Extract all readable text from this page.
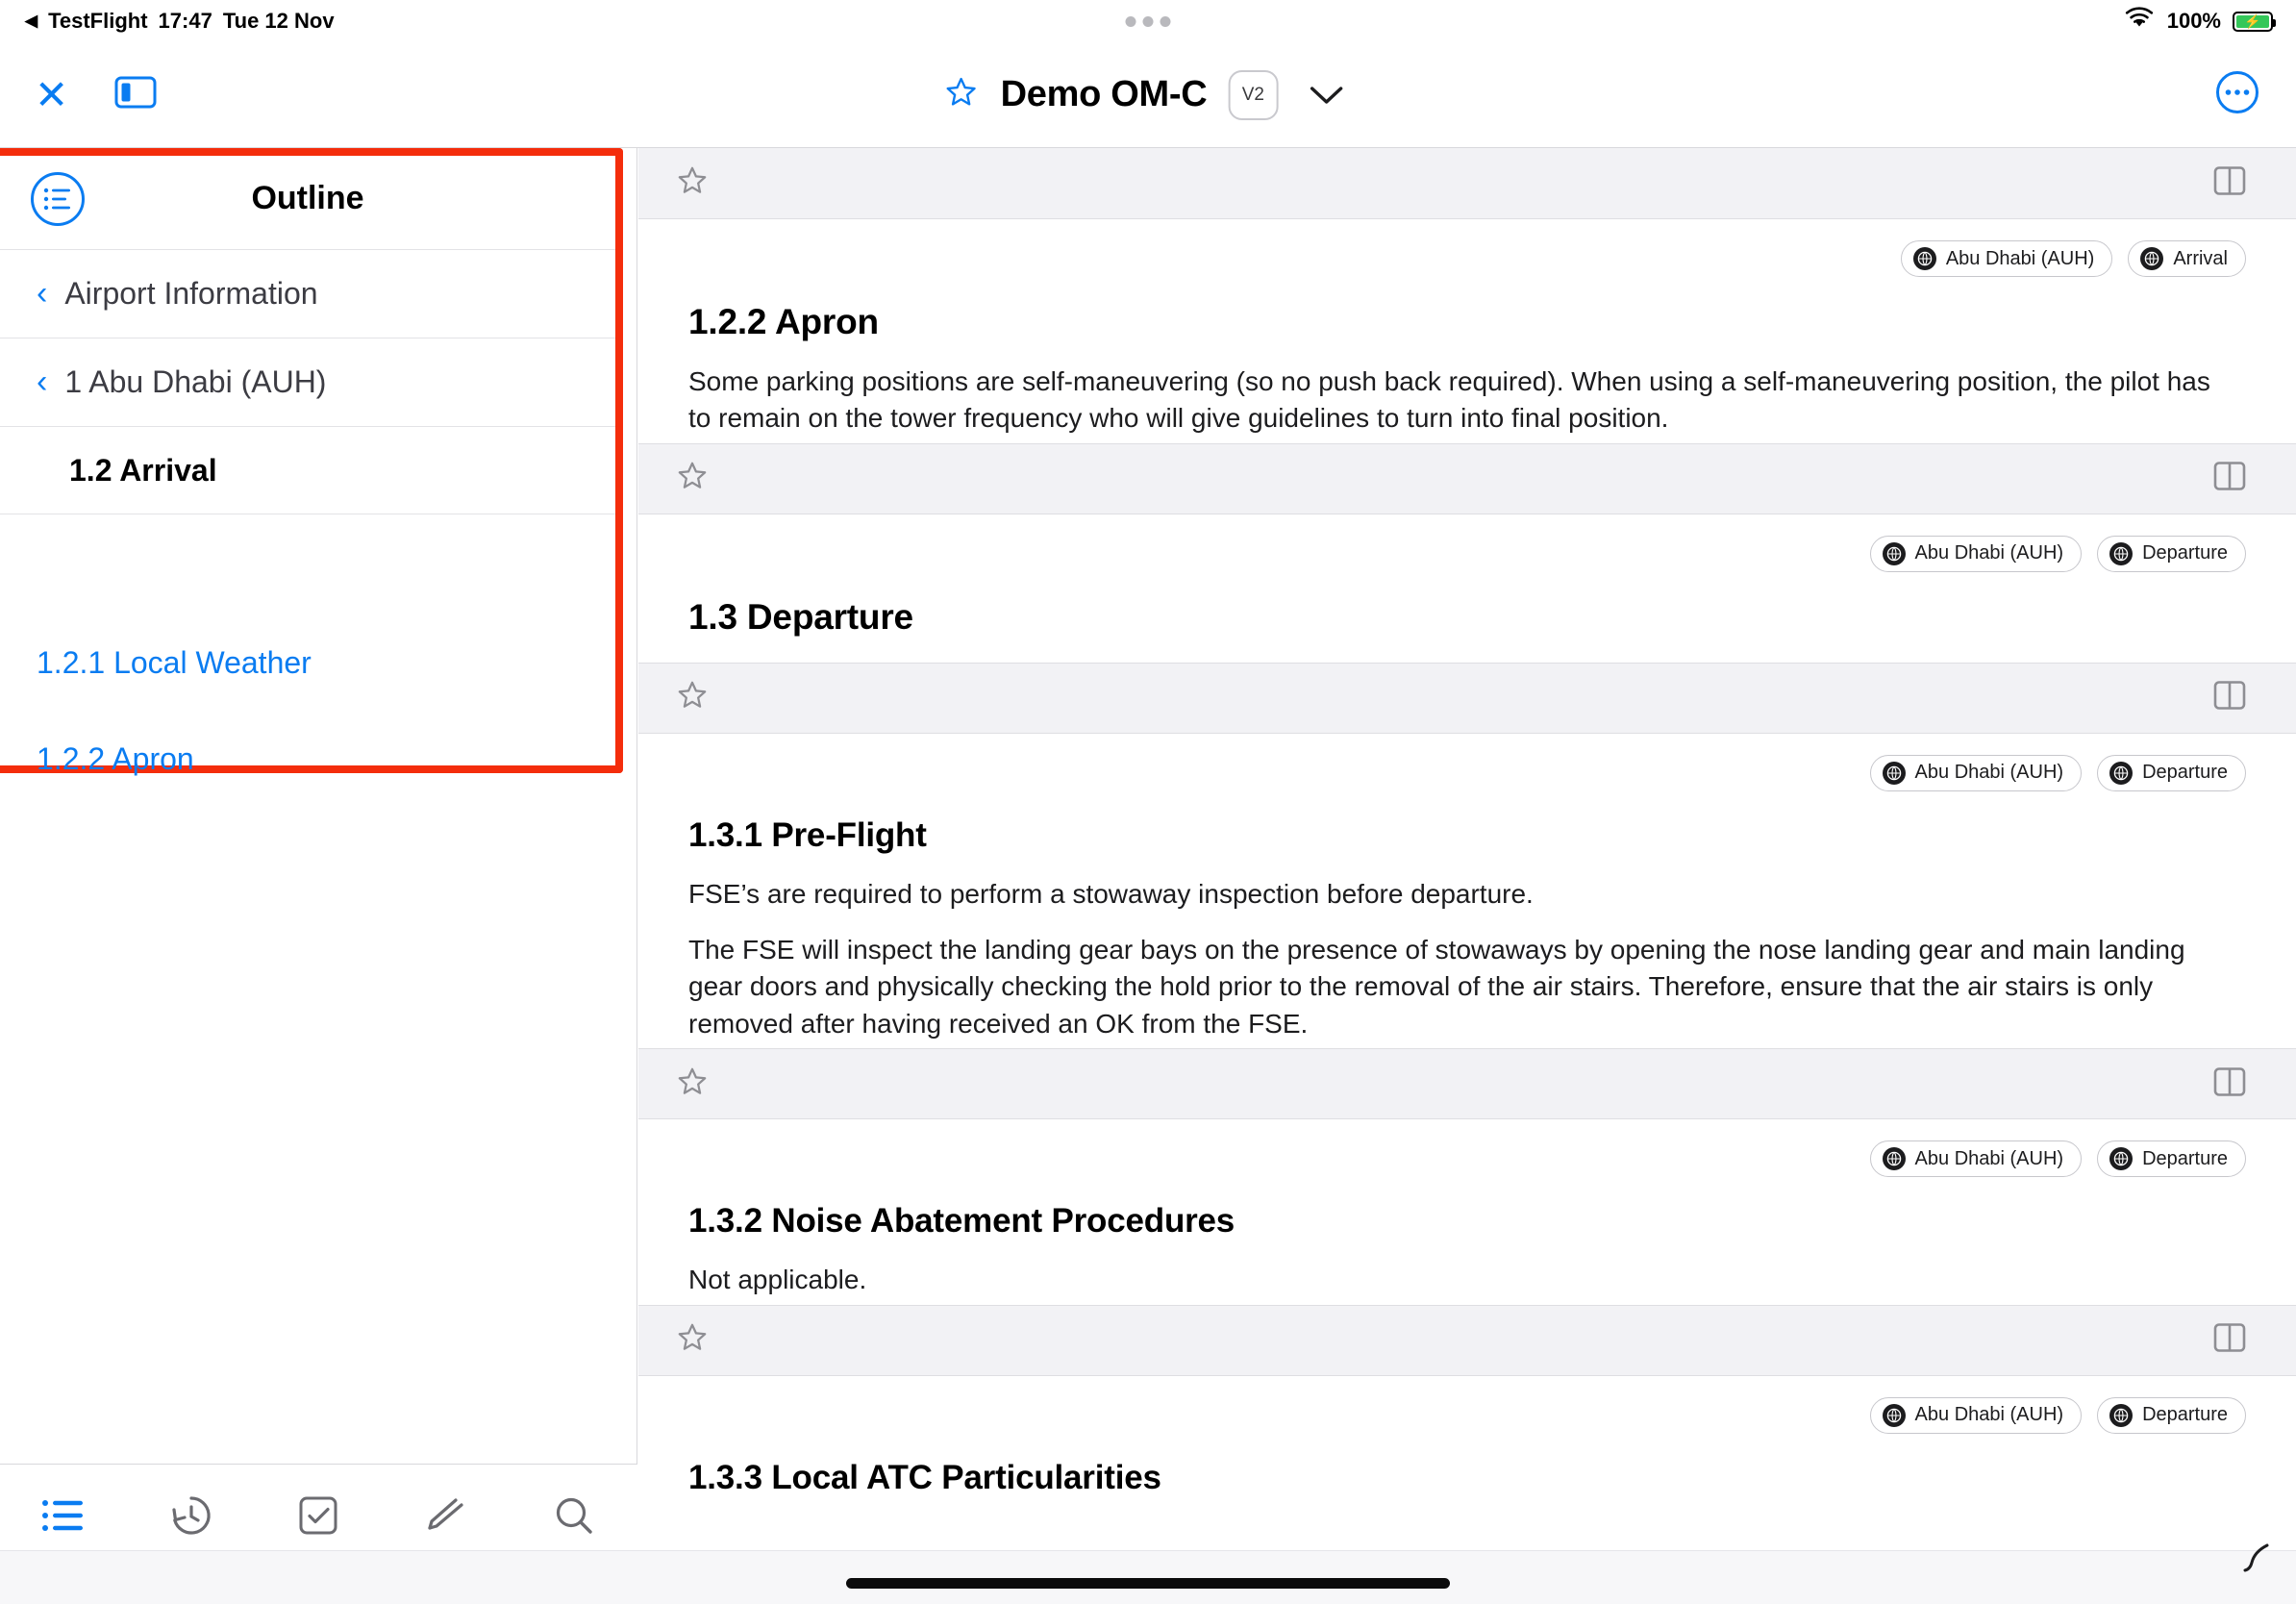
◀ TestFlight 17:47 Tue 12 Nov	100% ⚡
✕	Demo OM-C	V2
Outline
‹ Airport Information
‹ 1 Abu Dhabi (AUH)
1.2 Arrival
1.2.1 Local Weather
1.2.2 Apron
Abu Dhabi (AUH)	Arrival
1.2.2 Apron

Some parking positions are self-maneuvering (so no push back required). When using a self-maneuvering position, the pilot has to remain on the tower frequency who will give guidelines to turn into final position.

Abu Dhabi (AUH)	Departure
1.3 Departure
Abu Dhabi (AUH)	Departure
1.3.1 Pre-Flight

FSE’s are required to perform a stowaway inspection before departure.

The FSE will inspect the landing gear bays on the presence of stowaways by opening the nose landing gear and main landing gear doors and physically checking the hold prior to the removal of the air stairs. Therefore, ensure that the air stairs is only removed after having received an OK from the FSE.

Abu Dhabi (AUH)	Departure
1.3.2 Noise Abatement Procedures

Not applicable.

Abu Dhabi (AUH)	Departure
1.3.3 Local ATC Particularities
